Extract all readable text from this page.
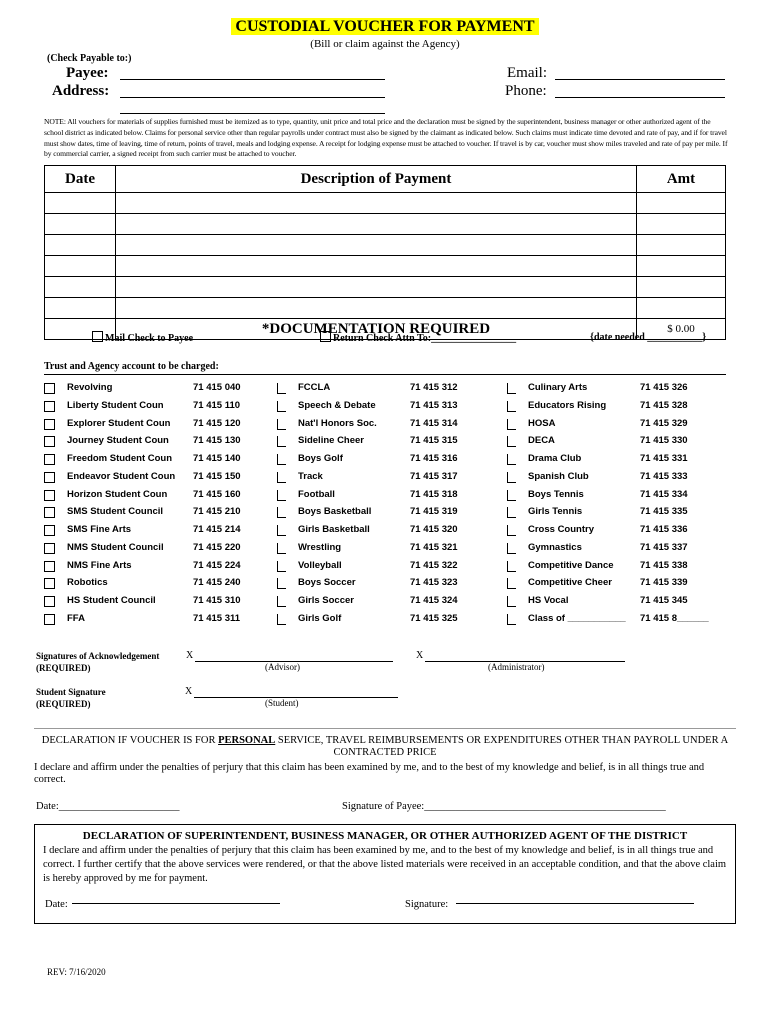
CUSTODIAL VOUCHER FOR PAYMENT
(Bill or claim against the Agency)
(Check Payable to:)
Payee:
Address:
Email:
Phone:
NOTE: All vouchers for materials of supplies furnished must be itemized as to type, quantity, unit price and total price and the declaration must be signed by the superintendent, business manager or other authorized agent of the school district as indicated below. Claims for personal service other than regular payrolls under contract must also be signed by the claimant as indicated below. Such claims must indicate time devoted and rate of pay, and if for travel must show dates, time of leaving, time of return, points of travel, meals and lodging expense. A receipt for lodging expense must be attached to voucher. If travel is by car, voucher must show miles traveled and rate of pay per mile. If by commercial carrier, a signed receipt from such carrier must be attached to voucher.
Date	Description of Payment	Amt

	*DOCUMENTATION REQUIRED	$ 0.00
Mail Check to Payee	Return Check Attn To:_________________	{date needed ___________}
Trust and Agency account to be charged:
Revolving	71 415 040
Liberty Student Coun	71 415 110
Explorer Student Coun 71 415 120
Journey Student Coun	71 415 130
Freedom Student Coun 71 415 140
Endeavor Student Coun 71 415 150
Horizon Student Coun	71 415 160
SMS Student Council	71 415 210
SMS Fine Arts	71 415 214
NMS Student Council	71 415 220
NMS Fine Arts	71 415 224
Robotics	71 415 240
HS Student Council	71 415 310
FFA	71 415 311
FCCLA	71 415 312
Speech & Debate	71 415 313
Nat'l Honors Soc.	71 415 314
Sideline Cheer	71 415 315
Boys Golf	71 415 316
Track	71 415 317
Football	71 415 318
Boys Basketball	71 415 319
Girls Basketball	71 415 320
Wrestling	71 415 321
Volleyball	71 415 322
Boys Soccer	71 415 323
Girls Soccer	71 415 324
Girls Golf	71 415 325
Culinary Arts	71 415 326
Educators Rising	71 415 328
HOSA	71 415 329
DECA	71 415 330
Drama Club	71 415 331
Spanish Club	71 415 333
Boys Tennis	71 415 334
Girls Tennis	71 415 335
Cross Country	71 415 336
Gymnastics	71 415 337
Competitive Dance	71 415 338
Competitive Cheer	71 415 339
HS Vocal	71 415 345
Class of ___________ 71 415 8______
Signatures of Acknowledgement
(REQUIRED)
X
(Advisor)
X
(Administrator)
Student Signature
(REQUIRED)
X
(Student)
DECLARATION IF VOUCHER IS FOR PERSONAL SERVICE, TRAVEL REIMBURSEMENTS OR EXPENDITURES OTHER THAN PAYROLL UNDER A CONTRACTED PRICE
I declare and affirm under the penalties of perjury that this claim has been examined by me, and to the best of my knowledge and belief, is in all things true and correct.
Date:_______________________	Signature of Payee:______________________________________________
DECLARATION OF SUPERINTENDENT, BUSINESS MANAGER, OR OTHER AUTHORIZED AGENT OF THE DISTRICT
I declare and affirm under the penalties of perjury that this claim has been examined by me, and to the best of my knowledge and belief, is in all things true and correct. I further certify that the above services were rendered, or that the above listed materials were received in an acceptable condition, and that the above claim is hereby approved by me for payment.
Date:	Signature:
REV: 7/16/2020
